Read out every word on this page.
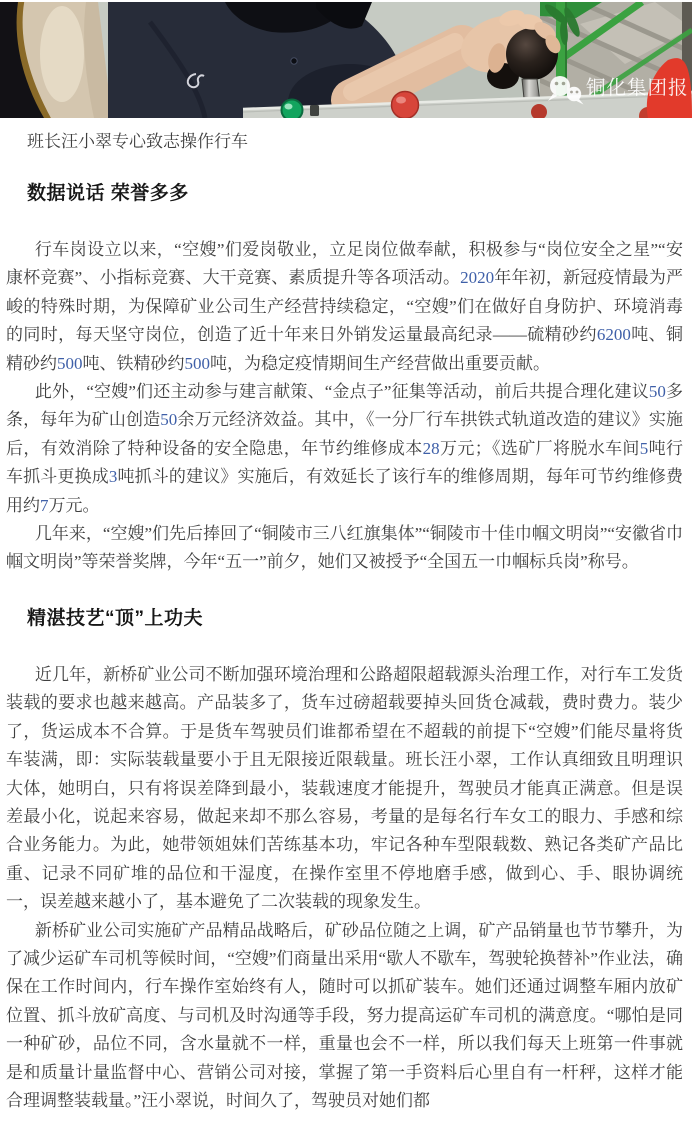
铜化集团报
班长汪小翠专心致志操作行车
数据说话 荣誉多多

行车岗设立以来，“空嫂”们爱岗敬业，立足岗位做奉献，积极参与“岗位安全之星”“安康杯竞赛”、小指标竞赛、大干竞赛、素质提升等各项活动。2020年年初，新冠疫情最为严峻的特殊时期，为保障矿业公司生产经营持续稳定，“空嫂”们在做好自身防护、环境消毒的同时，每天坚守岗位，创造了近十年来日外销发运量最高纪录——硫精砂约6200吨、铜精砂约500吨、铁精砂约500吨，为稳定疫情期间生产经营做出重要贡献。

此外，“空嫂”们还主动参与建言献策、“金点子”征集等活动，前后共提合理化建议50多条，每年为矿山创造50余万元经济效益。其中，《一分厂行车拱铁式轨道改造的建议》实施后，有效消除了特种设备的安全隐患，年节约维修成本28万元；《选矿厂将脱水车间5吨行车抓斗更换成3吨抓斗的建议》实施后，有效延长了该行车的维修周期，每年可节约维修费用约7万元。

几年来，“空嫂”们先后捧回了“铜陵市三八红旗集体”“铜陵市十佳巾帼文明岗”“安徽省巾帼文明岗”等荣誉奖牌，今年“五一”前夕，她们又被授予“全国五一巾帼标兵岗”称号。

精湛技艺“顶”上功夫

近几年，新桥矿业公司不断加强环境治理和公路超限超载源头治理工作，对行车工发货装载的要求也越来越高。产品装多了，货车过磅超载要掉头回货仓减载，费时费力。装少了，货运成本不合算。于是货车驾驶员们谁都希望在不超载的前提下“空嫂”们能尽量将货车装满，即：实际装载量要小于且无限接近限载量。班长汪小翠，工作认真细致且明理识大体，她明白，只有将误差降到最小，装载速度才能提升，驾驶员才能真正满意。但是误差最小化，说起来容易，做起来却不那么容易，考量的是每名行车女工的眼力、手感和综合业务能力。为此，她带领姐妹们苦练基本功，牢记各种车型限载数、熟记各类矿产品比重、记录不同矿堆的品位和干湿度，在操作室里不停地磨手感，做到心、手、眼协调统一，误差越来越小了，基本避免了二次装载的现象发生。

新桥矿业公司实施矿产品精品战略后，矿砂品位随之上调，矿产品销量也节节攀升，为了减少运矿车司机等候时间，“空嫂”们商量出采用“歇人不歇车，驾驶轮换替补”作业法，确保在工作时间内，行车操作室始终有人，随时可以抓矿装车。她们还通过调整车厢内放矿位置、抓斗放矿高度、与司机及时沟通等手段，努力提高运矿车司机的满意度。“哪怕是同一种矿砂，品位不同，含水量就不一样，重量也会不一样，所以我们每天上班第一件事就是和质量计量监督中心、营销公司对接，掌握了第一手资料后心里自有一杆秤，这样才能合理调整装载量。”汪小翠说，时间久了，驾驶员对她们都
